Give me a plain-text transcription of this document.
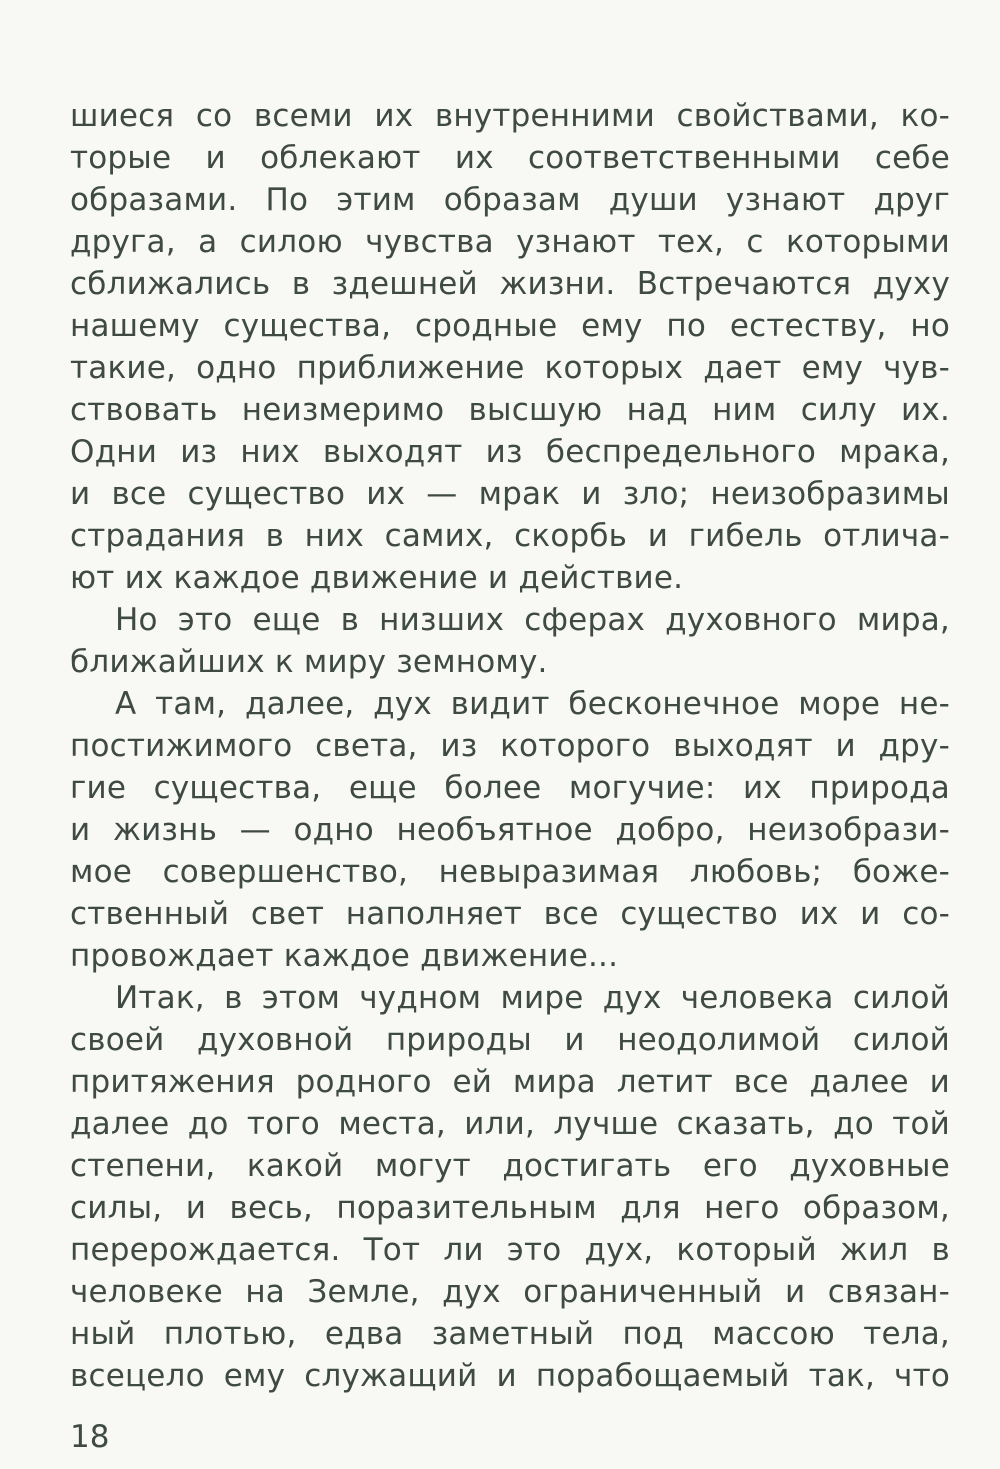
шиеся со всеми их внутренними свойствами, ко-
торые и облекают их соответственными себе
образами. По этим образам души узнают друг
друга, а силою чувства узнают тех, с которыми
сближались в здешней жизни. Встречаются духу
нашему существа, сродные ему по естеству, но
такие, одно приближение которых дает ему чув-
ствовать неизмеримо высшую над ним силу их.
Одни из них выходят из беспредельного мрака,
и все существо их — мрак и зло; неизобразимы
страдания в них самих, скорбь и гибель отлича-
ют их каждое движение и действие.
Но это еще в низших сферах духовного мира,
ближайших к миру земному.
А там, далее, дух видит бесконечное море не-
постижимого света, из которого выходят и дру-
гие существа, еще более могучие: их природа
и жизнь — одно необъятное добро, неизобрази-
мое совершенство, невыразимая любовь; боже-
ственный свет наполняет все существо их и со-
провождает каждое движение...
Итак, в этом чудном мире дух человека силой
своей духовной природы и неодолимой силой
притяжения родного ей мира летит все далее и
далее до того места, или, лучше сказать, до той
степени, какой могут достигать его духовные
силы, и весь, поразительным для него образом,
перерождается. Тот ли это дух, который жил в
человеке на Земле, дух ограниченный и связан-
ный плотью, едва заметный под массою тела,
всецело ему служащий и порабощаемый так, что
18
